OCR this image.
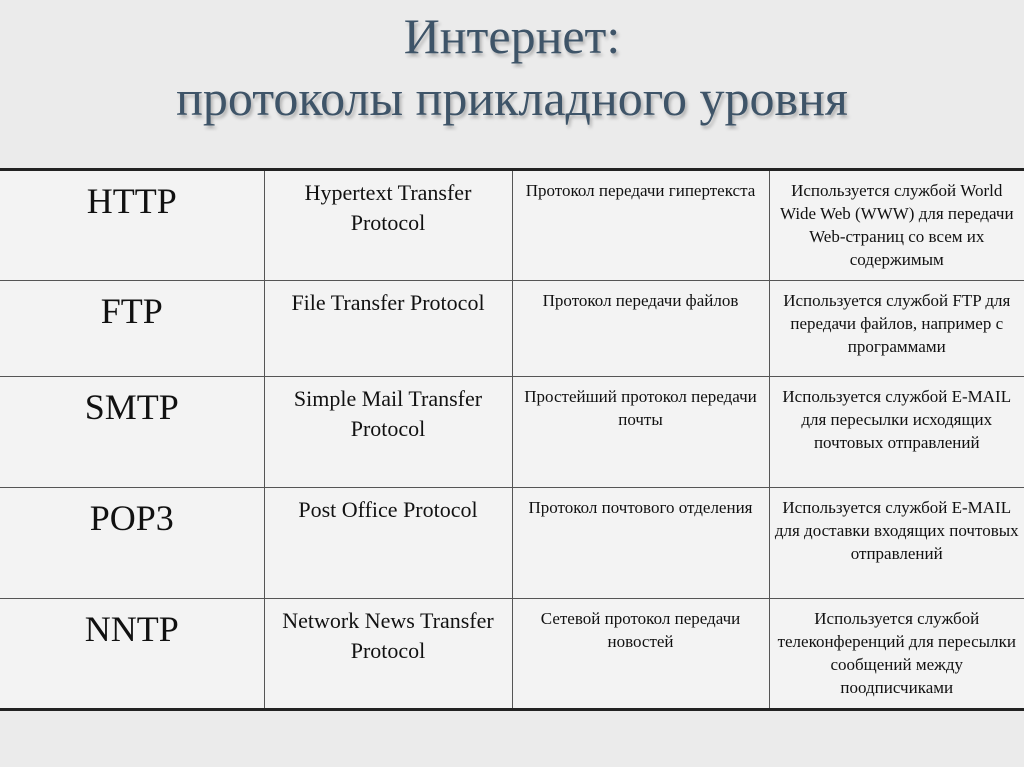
Интернет:
протоколы прикладного уровня
HTTP	Hypertext Transfer Protocol	Протокол передачи гипертекста	Используется службой World Wide Web (WWW) для передачи Web-страниц со всем их содержимым

FTP	File Transfer Protocol	Протокол передачи файлов	Используется службой FTP для передачи файлов, например с программами

SMTP	Simple Mail Transfer Protocol	Простейший протокол передачи почты	Используется службой E-MAIL для пересылки исходящих почтовых отправлений

POP3	Post Office Protocol	Протокол почтового отделения	Используется службой E-MAIL для доставки входящих почтовых отправлений

NNTP	Network News Transfer Protocol	Сетевой протокол передачи новостей	Используется службой телеконференций для пересылки сообщений между поодписчиками
